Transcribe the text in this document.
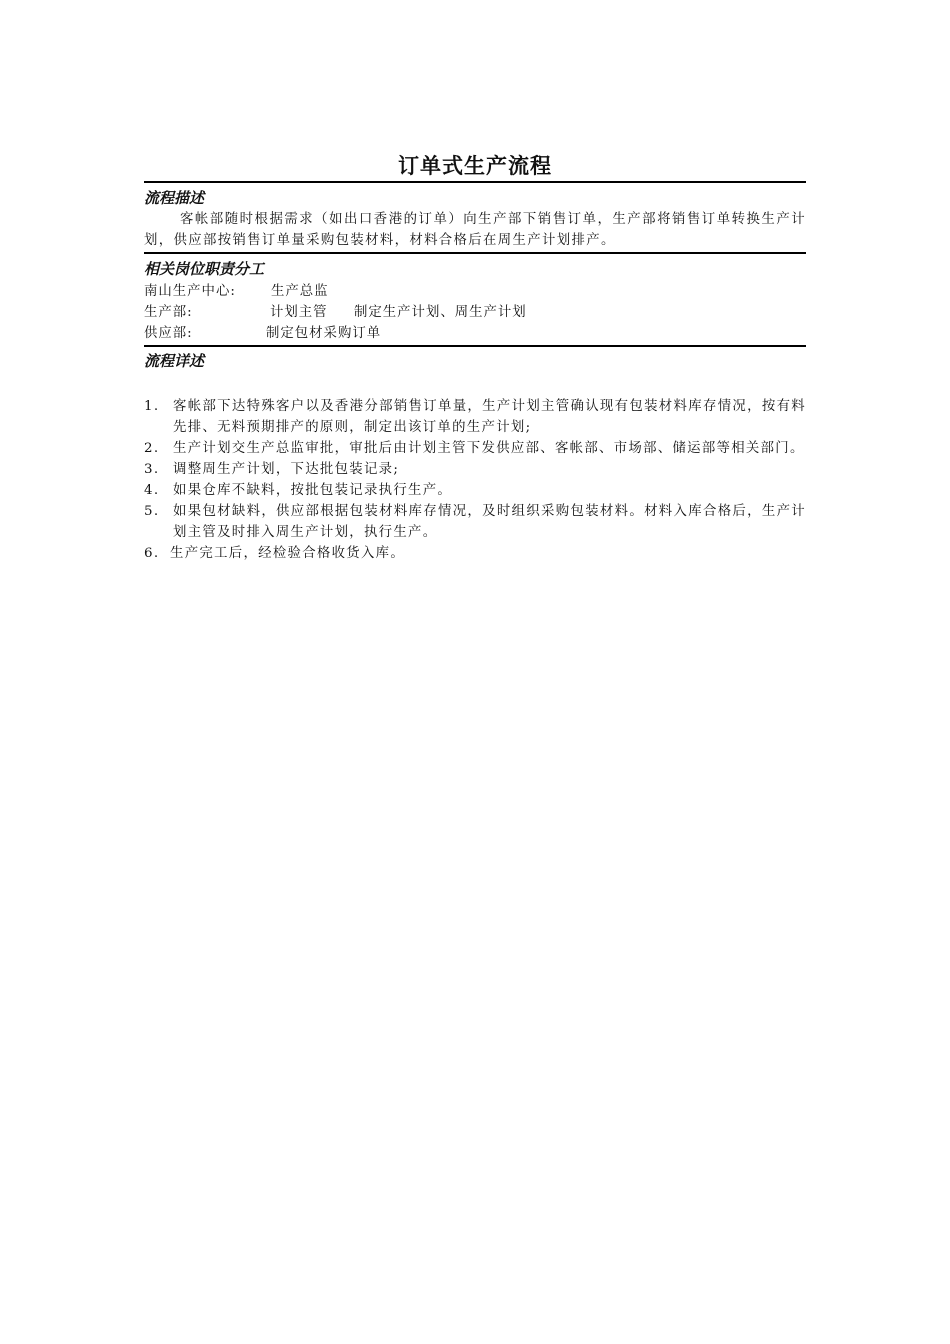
订单式生产流程
流程描述

客帐部随时根据需求（如出口香港的订单）向生产部下销售订单，生产部将销售订单转换生产计划，供应部按销售订单量采购包装材料，材料合格后在周生产计划排产。

相关岗位职责分工
南山生产中心:	生产总监
生产部:	计划主管 制定生产计划、周生产计划
供应部:	制定包材采购订单
流程详述
1. 客帐部下达特殊客户以及香港分部销售订单量，生产计划主管确认现有包装材料库存情况，按有料先排、无料预期排产的原则，制定出该订单的生产计划;
2. 生产计划交生产总监审批，审批后由计划主管下发供应部、客帐部、市场部、储运部等相关部门。
3. 调整周生产计划，下达批包装记录;
4. 如果仓库不缺料，按批包装记录执行生产。
5. 如果包材缺料，供应部根据包装材料库存情况，及时组织采购包装材料。材料入库合格后，生产计划主管及时排入周生产计划，执行生产。
6. 生产完工后，经检验合格收货入库。
